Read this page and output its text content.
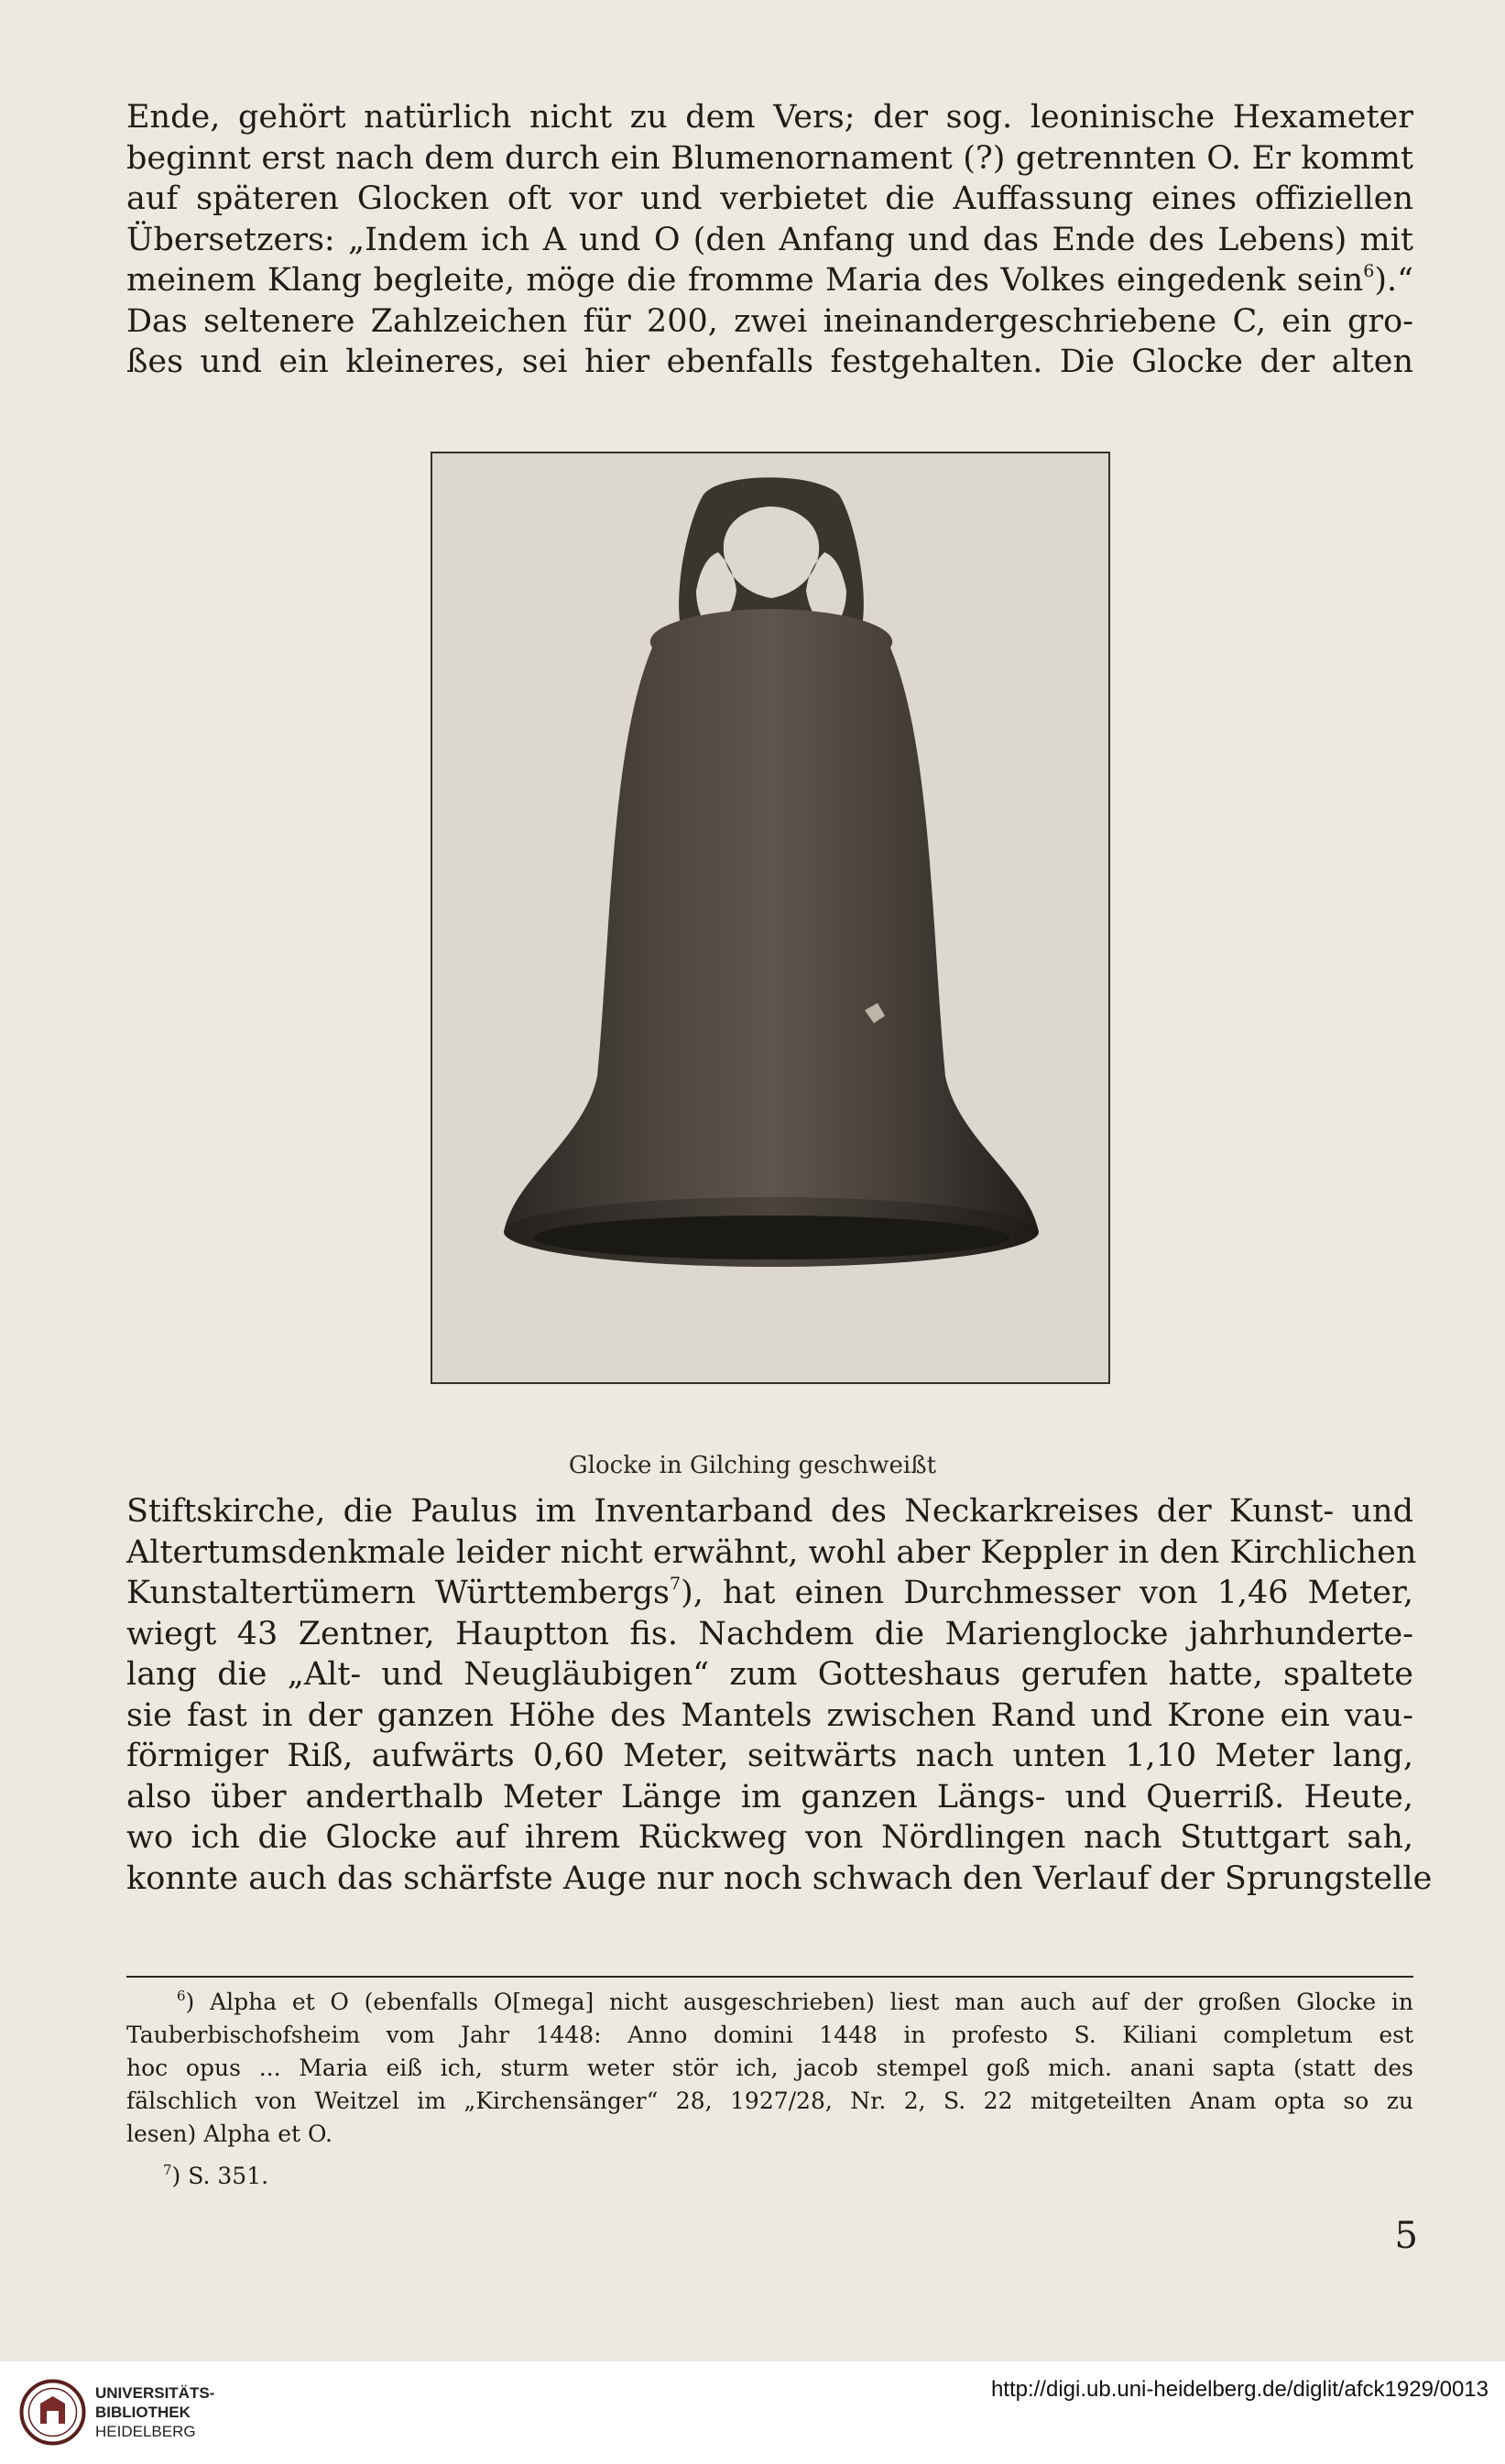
Ende, gehört natürlich nicht zu dem Vers; der sog. leoninische Hexameter
beginnt erst nach dem durch ein Blumenornament (?) getrennten O. Er kommt
auf späteren Glocken oft vor und verbietet die Auffassung eines offiziellen
Übersetzers: „Indem ich A und O (den Anfang und das Ende des Lebens) mit
meinem Klang begleite, möge die fromme Maria des Volkes eingedenk sein$^6$).“
Das seltenere Zahlzeichen für 200, zwei ineinandergeschriebene C, ein gro-
ßes und ein kleineres, sei hier ebenfalls festgehalten. Die Glocke der alten

Glocke in Gilching geschweißt

Stiftskirche, die Paulus im Inventarband des Neckarkreises der Kunst- und
Altertumsdenkmale leider nicht erwähnt, wohl aber Keppler in den Kirchlichen
Kunstaltertümern Württembergs$^7$), hat einen Durchmesser von 1,46 Meter,
wiegt 43 Zentner, Hauptton fis. Nachdem die Marienglocke jahrhunderte-
lang die „Alt- und Neugläubigen“ zum Gotteshaus gerufen hatte, spaltete
sie fast in der ganzen Höhe des Mantels zwischen Rand und Krone ein vau-
förmiger Riß, aufwärts 0,60 Meter, seitwärts nach unten 1,10 Meter lang,
also über anderthalb Meter Länge im ganzen Längs- und Querriß. Heute,
wo ich die Glocke auf ihrem Rückweg von Nördlingen nach Stuttgart sah,
konnte auch das schärfste Auge nur noch schwach den Verlauf der Sprungstelle

$^6$) Alpha et O (ebenfalls O[mega] nicht ausgeschrieben) liest man auch auf der großen Glocke in
Tauberbischofsheim vom Jahr 1448: Anno domini 1448 in profesto S. Kiliani completum est
hoc opus ... Maria eiß ich, sturm weter stör ich, jacob stempel goß mich. anani sapta (statt des
fälschlich von Weitzel im „Kirchensänger“ 28, 1927/28, Nr. 2, S. 22 mitgeteilten Anam opta so zu
lesen) Alpha et O.
$^7$) S. 351.

5

UNIVERSITÄTS-
BIBLIOTHEK
HEIDELBERG
http://digi.ub.uni-heidelberg.de/diglit/afck1929/0013
